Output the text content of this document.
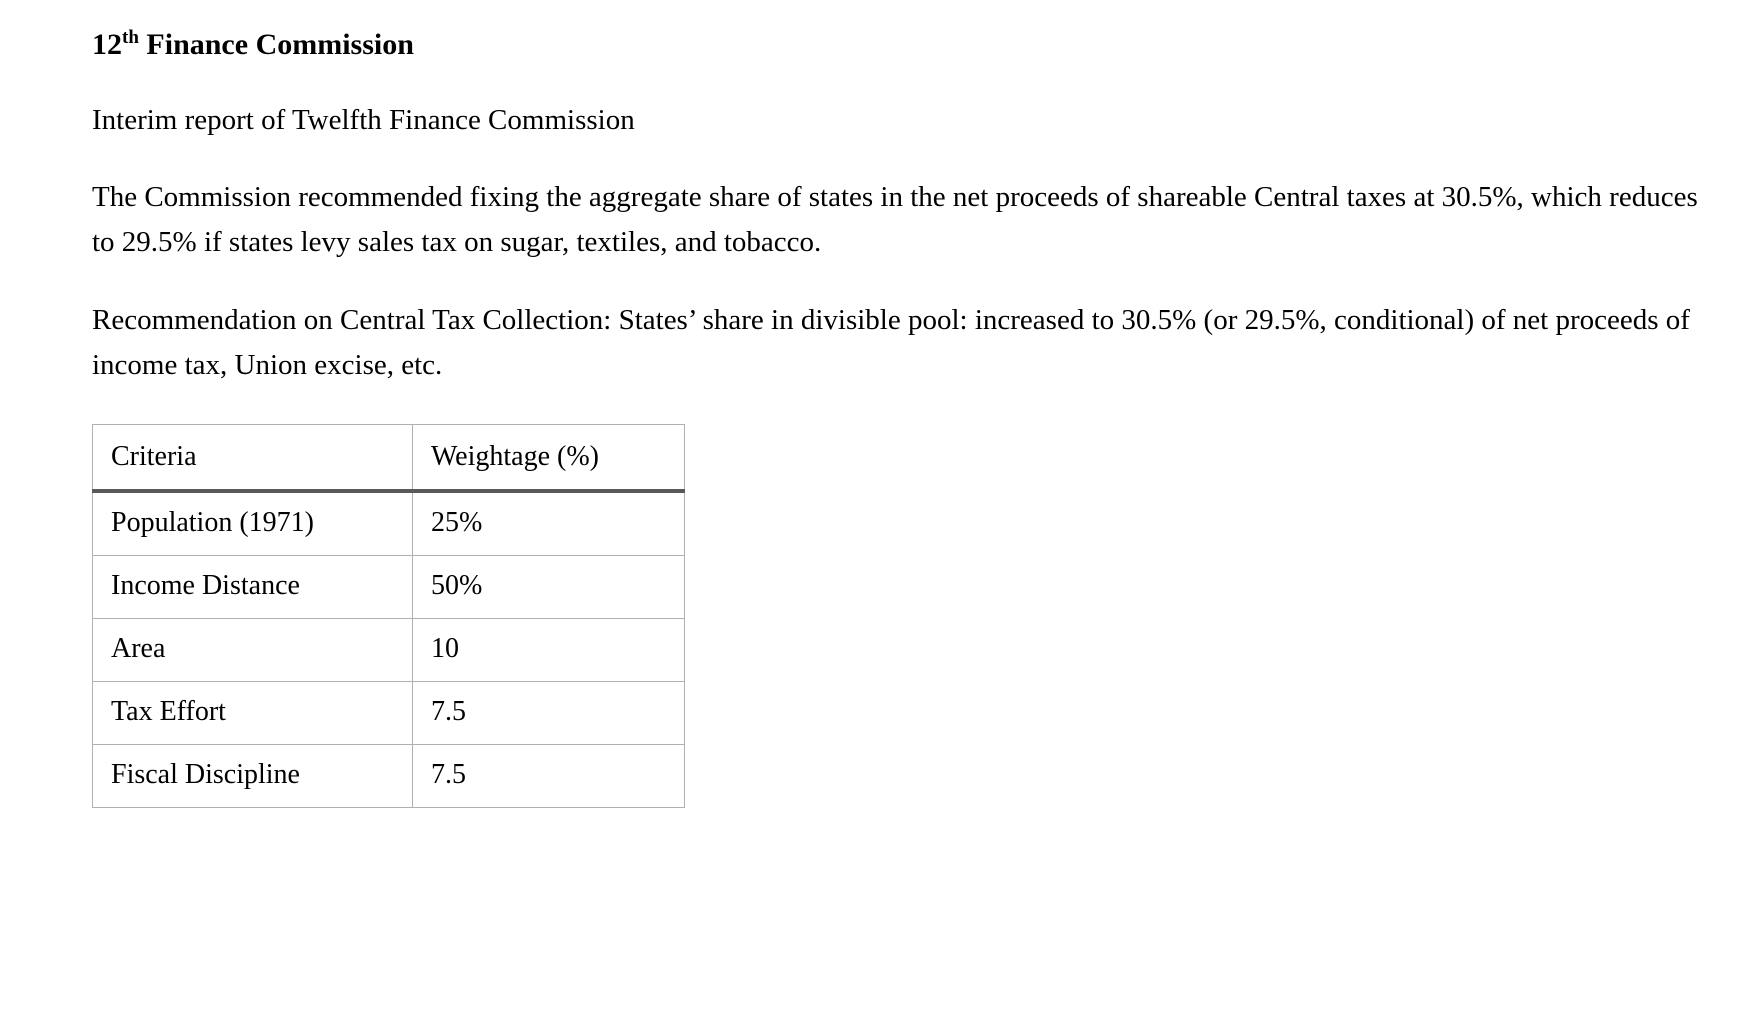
12th Finance Commission

Interim report of Twelfth Finance Commission

The Commission recommended fixing the aggregate share of states in the net proceeds of shareable Central taxes at 30.5%, which reduces to 29.5% if states levy sales tax on sugar, textiles, and tobacco.

Recommendation on Central Tax Collection: States’ share in divisible pool: increased to 30.5% (or 29.5%, conditional) of net proceeds of income tax, Union excise, etc.

Criteria	Weightage (%)
Population (1971)	25%
Income Distance	50%
Area	10
Tax Effort	7.5
Fiscal Discipline	7.5
